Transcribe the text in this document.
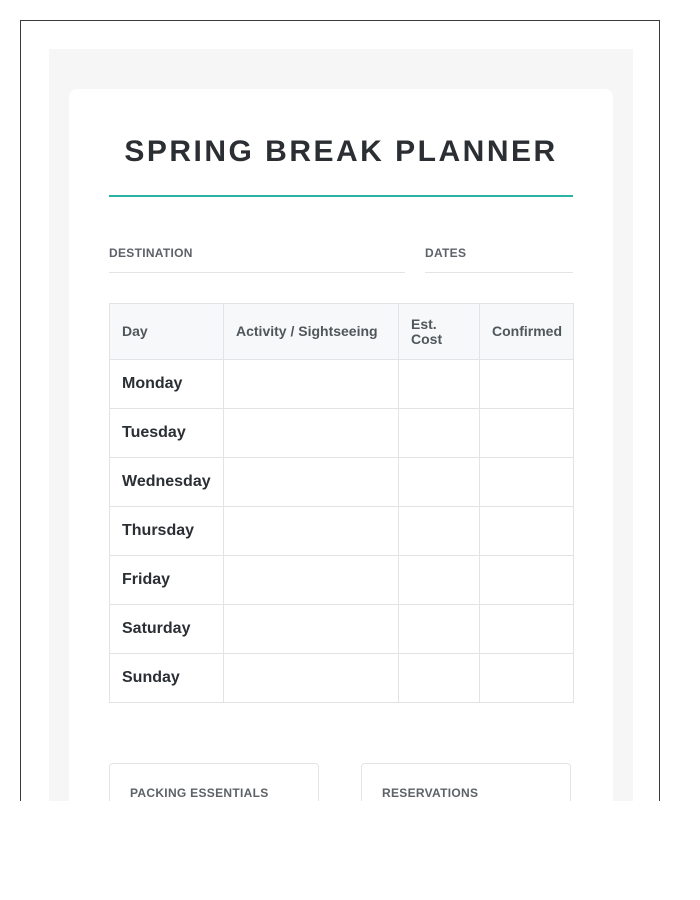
SPRING BREAK PLANNER
DESTINATION	DATES
Day	Activity / Sightseeing	Est. Cost	Confirmed
Monday			
Tuesday			
Wednesday			
Thursday			
Friday			
Saturday			
Sunday			
PACKING ESSENTIALS	RESERVATIONS
